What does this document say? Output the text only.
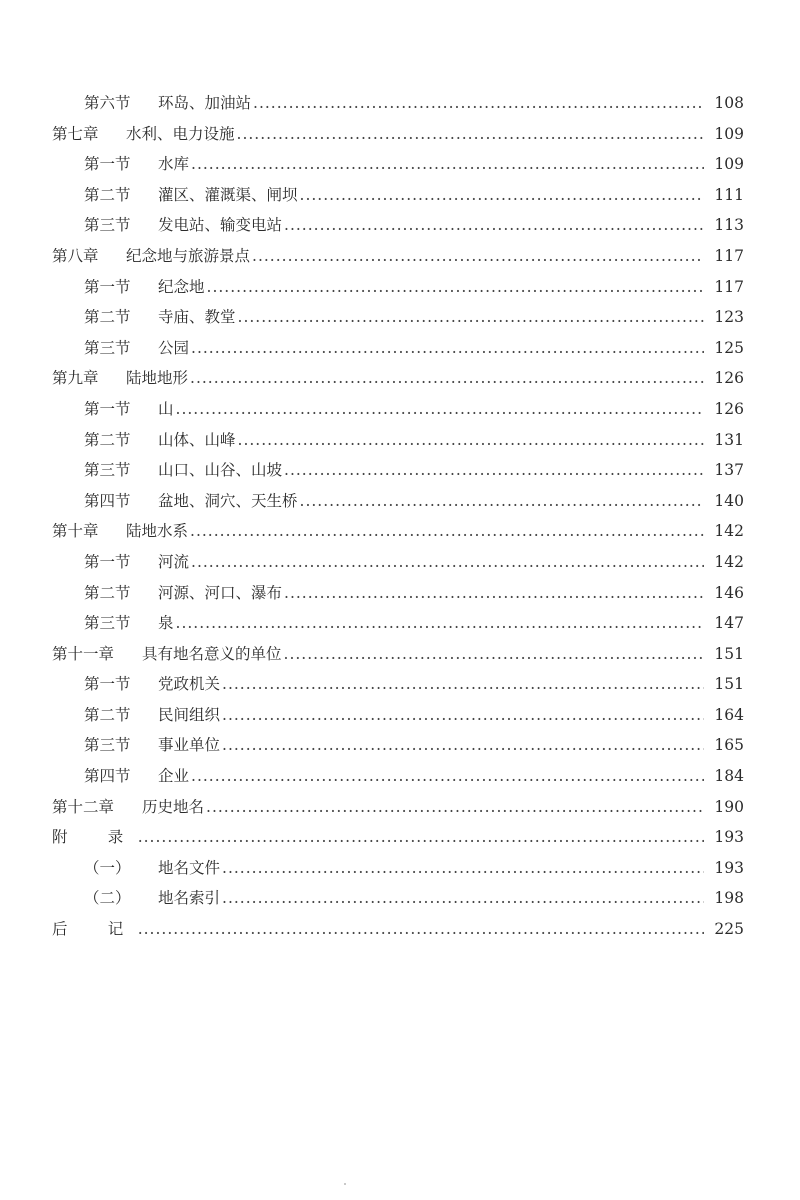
第六节	环岛、加油站 .....	108
第七章	水利、电力设施 .....	109
第一节	水库 .....	109
第二节	灌区、灌溉渠、闸坝 .....	111
第三节	发电站、输变电站 .....	113
第八章	纪念地与旅游景点 .....	117
第一节	纪念地 .....	117
第二节	寺庙、教堂 .....	123
第三节	公园 .....	125
第九章	陆地地形 .....	126
第一节	山 .....	126
第二节	山体、山峰 .....	131
第三节	山口、山谷、山坡 .....	137
第四节	盆地、洞穴、天生桥 .....	140
第十章	陆地水系 .....	142
第一节	河流 .....	142
第二节	河源、河口、瀑布 .....	146
第三节	泉 .....	147
第十一章	具有地名意义的单位 .....	151
第一节	党政机关 .....	151
第二节	民间组织 .....	164
第三节	事业单位 .....	165
第四节	企业 .....	184
第十二章	历史地名 .....	190
附　录 .....	193
（一）	地名文件 .....	193
（二）	地名索引 .....	198
后　记 .....	225
